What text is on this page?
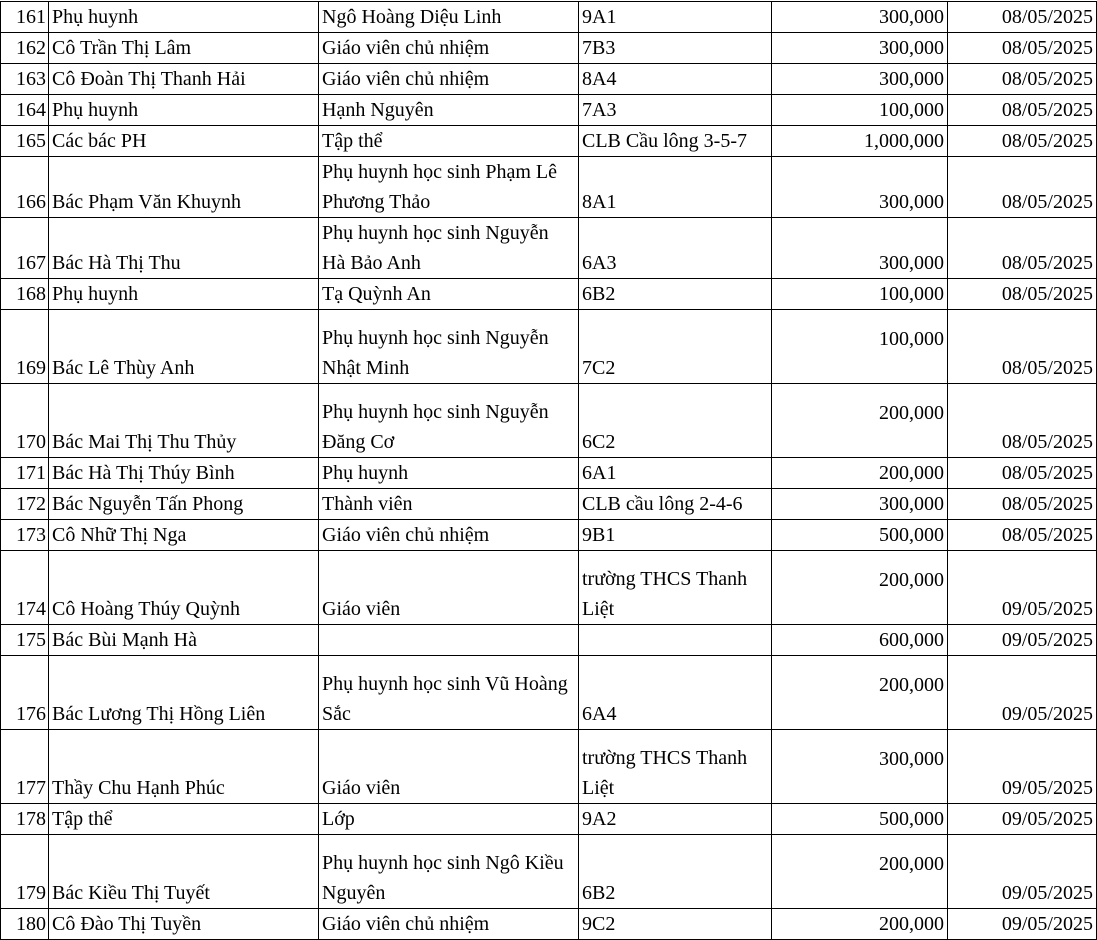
161	Phụ huynh	Ngô Hoàng Diệu Linh	9A1	300,000	08/05/2025
162	Cô Trần Thị Lâm	Giáo viên chủ nhiệm	7B3	300,000	08/05/2025
163	Cô Đoàn Thị Thanh Hải	Giáo viên chủ nhiệm	8A4	300,000	08/05/2025
164	Phụ huynh	Hạnh Nguyên	7A3	100,000	08/05/2025
165	Các bác PH	Tập thể	CLB Cầu lông 3-5-7	1,000,000	08/05/2025
166	Bác Phạm Văn Khuynh	Phụ huynh học sinh Phạm Lê Phương Thảo	8A1	300,000	08/05/2025
167	Bác Hà Thị Thu	Phụ huynh học sinh Nguyễn Hà Bảo Anh	6A3	300,000	08/05/2025
168	Phụ huynh	Tạ Quỳnh An	6B2	100,000	08/05/2025
169	Bác Lê Thùy Anh	Phụ huynh học sinh Nguyễn Nhật Minh	7C2	100,000	08/05/2025
170	Bác Mai Thị Thu Thủy	Phụ huynh học sinh Nguyễn Đăng Cơ	6C2	200,000	08/05/2025
171	Bác Hà Thị Thúy Bình	Phụ huynh	6A1	200,000	08/05/2025
172	Bác Nguyễn Tấn Phong	Thành viên	CLB cầu lông 2-4-6	300,000	08/05/2025
173	Cô Nhữ Thị Nga	Giáo viên chủ nhiệm	9B1	500,000	08/05/2025
174	Cô Hoàng Thúy Quỳnh	Giáo viên	trường THCS Thanh Liệt	200,000	09/05/2025
175	Bác Bùi Mạnh Hà			600,000	09/05/2025
176	Bác Lương Thị Hồng Liên	Phụ huynh học sinh Vũ Hoàng Sắc	6A4	200,000	09/05/2025
177	Thầy Chu Hạnh Phúc	Giáo viên	trường THCS Thanh Liệt	300,000	09/05/2025
178	Tập thể	Lớp	9A2	500,000	09/05/2025
179	Bác Kiều Thị Tuyết	Phụ huynh học sinh Ngô Kiều Nguyên	6B2	200,000	09/05/2025
180	Cô Đào Thị Tuyền	Giáo viên chủ nhiệm	9C2	200,000	09/05/2025
